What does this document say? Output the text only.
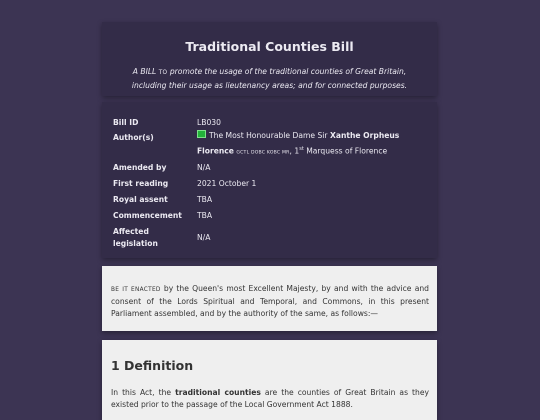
Traditional Counties Bill

A BILL TO promote the usage of the traditional counties of Great Britain,
including their usage as lieutenancy areas; and for connected purposes.

Bill ID	LB030
Author(s)	The Most Honourable Dame Sir Xanthe Orpheus
Florence GCTL DOBC KOBC MR, 1st Marquess of Florence
Amended by	N/A
First reading	2021 October 1
Royal assent	TBA
Commencement	TBA
Affected
legislation	N/A

BE IT ENACTED by the Queen's most Excellent Majesty, by and with the advice and consent of the Lords Spiritual and Temporal, and Commons, in this present Parliament assembled, and by the authority of the same, as follows:—

1 Definition

In this Act, the traditional counties are the counties of Great Britain as they existed prior to the passage of the Local Government Act 1888.
